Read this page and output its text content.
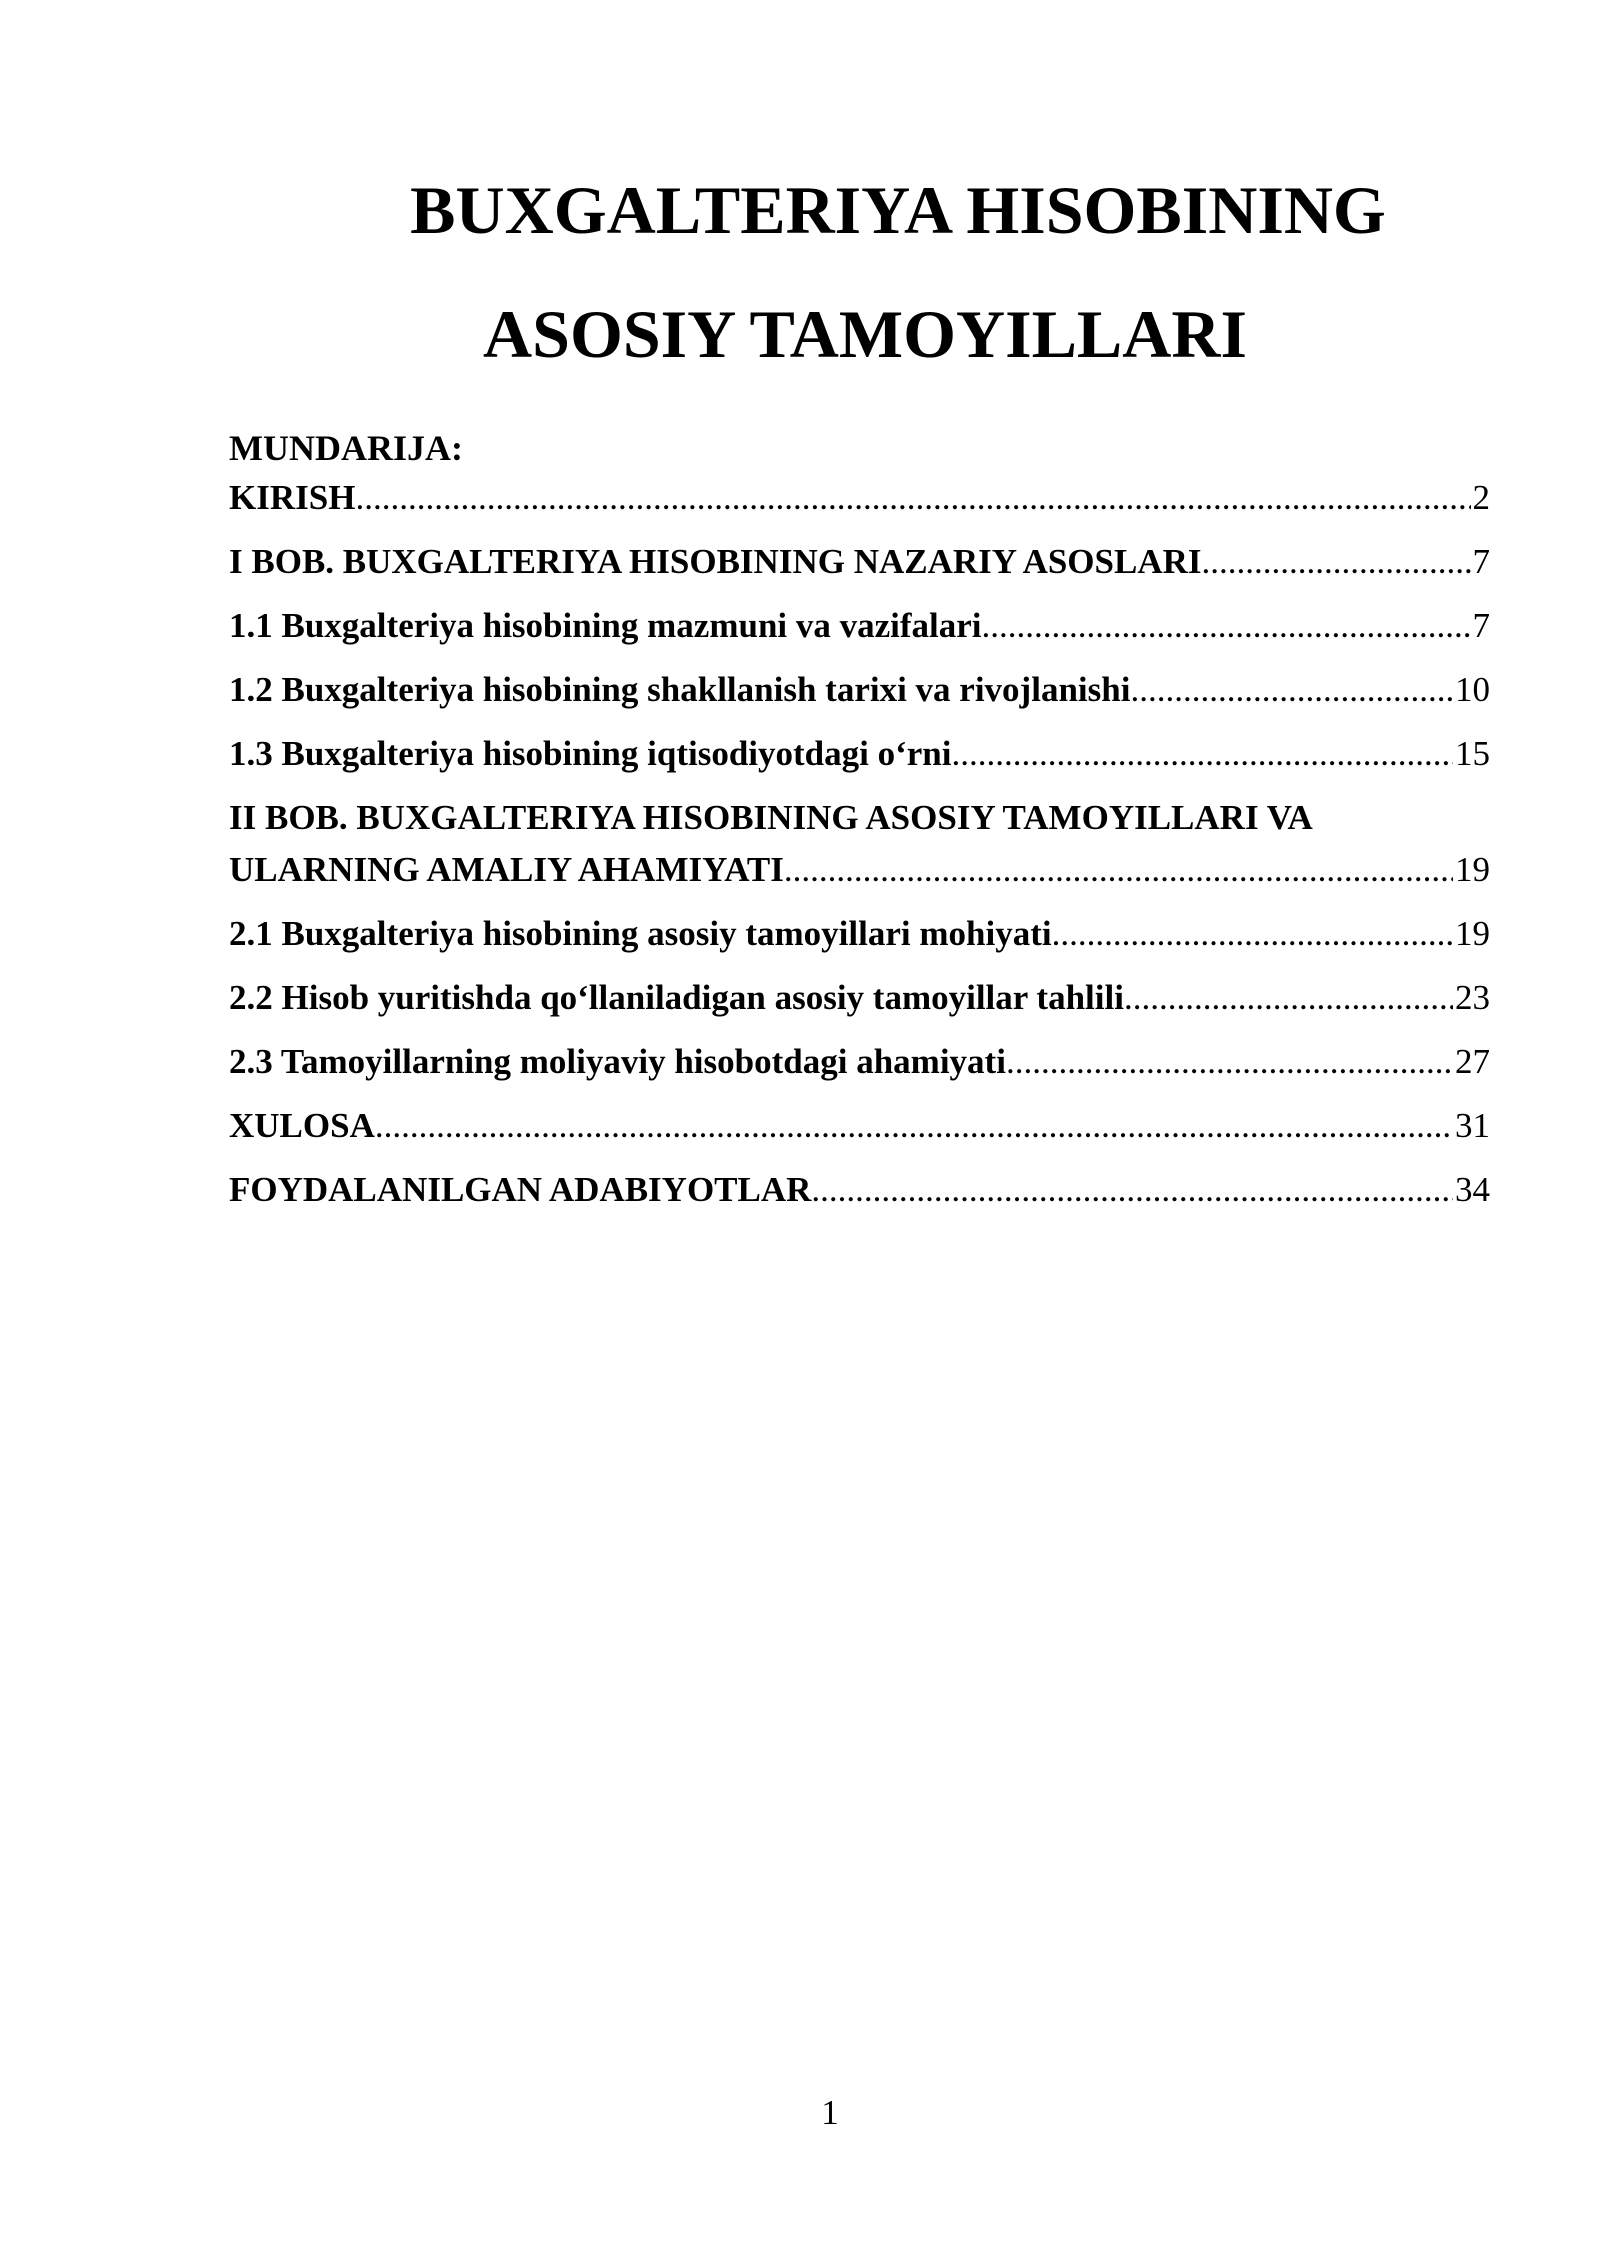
BUXGALTERIYA HISOBINING
ASOSIY TAMOYILLARI
MUNDARIJA:
KIRISH .....	2
I BOB. BUXGALTERIYA HISOBINING NAZARIY ASOSLARI .....	7
1.1 Buxgalteriya hisobining mazmuni va vazifalari .....	7
1.2 Buxgalteriya hisobining shakllanish tarixi va rivojlanishi .....	10
1.3 Buxgalteriya hisobining iqtisodiyotdagi o‘rni .....	15
II BOB. BUXGALTERIYA HISOBINING ASOSIY TAMOYILLARI VA
ULARNING AMALIY AHAMIYATI .....	19
2.1 Buxgalteriya hisobining asosiy tamoyillari mohiyati .....	19
2.2 Hisob yuritishda qo‘llaniladigan asosiy tamoyillar tahlili .....	23
2.3 Tamoyillarning moliyaviy hisobotdagi ahamiyati .....	27
XULOSA .....	31
FOYDALANILGAN ADABIYOTLAR .....	34
1
